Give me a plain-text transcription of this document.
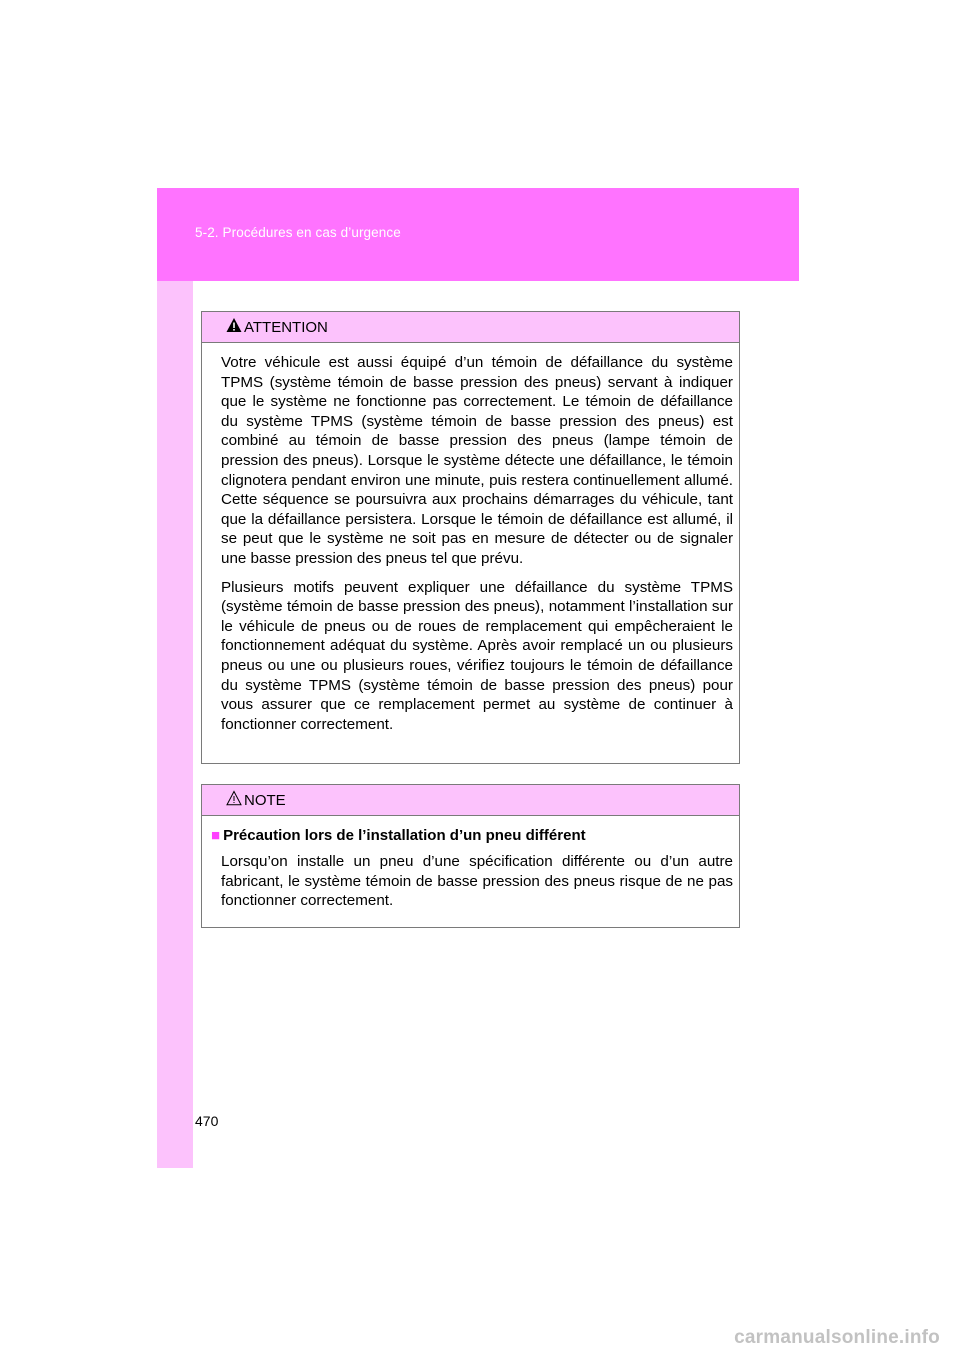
5-2. Procédures en cas d’urgence
ATTENTION

Votre véhicule est aussi équipé d’un témoin de défaillance du système TPMS (système témoin de basse pression des pneus) servant à indiquer que le système ne fonctionne pas correctement. Le témoin de défaillance du système TPMS (système témoin de basse pression des pneus) est combiné au témoin de basse pression des pneus (lampe témoin de pression des pneus). Lorsque le système détecte une défaillance, le témoin clignotera pendant environ une minute, puis restera continuellement allumé. Cette séquence se poursuivra aux prochains démarrages du véhicule, tant que la défaillance persistera. Lorsque le témoin de défaillance est allumé, il se peut que le système ne soit pas en mesure de détecter ou de signaler une basse pression des pneus tel que prévu.

Plusieurs motifs peuvent expliquer une défaillance du système TPMS (système témoin de basse pression des pneus), notamment l’installation sur le véhicule de pneus ou de roues de remplacement qui empêcheraient le fonctionnement adéquat du système. Après avoir remplacé un ou plusieurs pneus ou une ou plusieurs roues, vérifiez toujours le témoin de défaillance du système TPMS (système témoin de basse pression des pneus) pour vous assurer que ce remplacement permet au système de continuer à fonctionner correctement.

NOTE
■ Précaution lors de l’installation d’un pneu différent

Lorsqu’on installe un pneu d’une spécification différente ou d’un autre fabricant, le système témoin de basse pression des pneus risque de ne pas fonctionner correctement.

470
carmanualsonline.info
